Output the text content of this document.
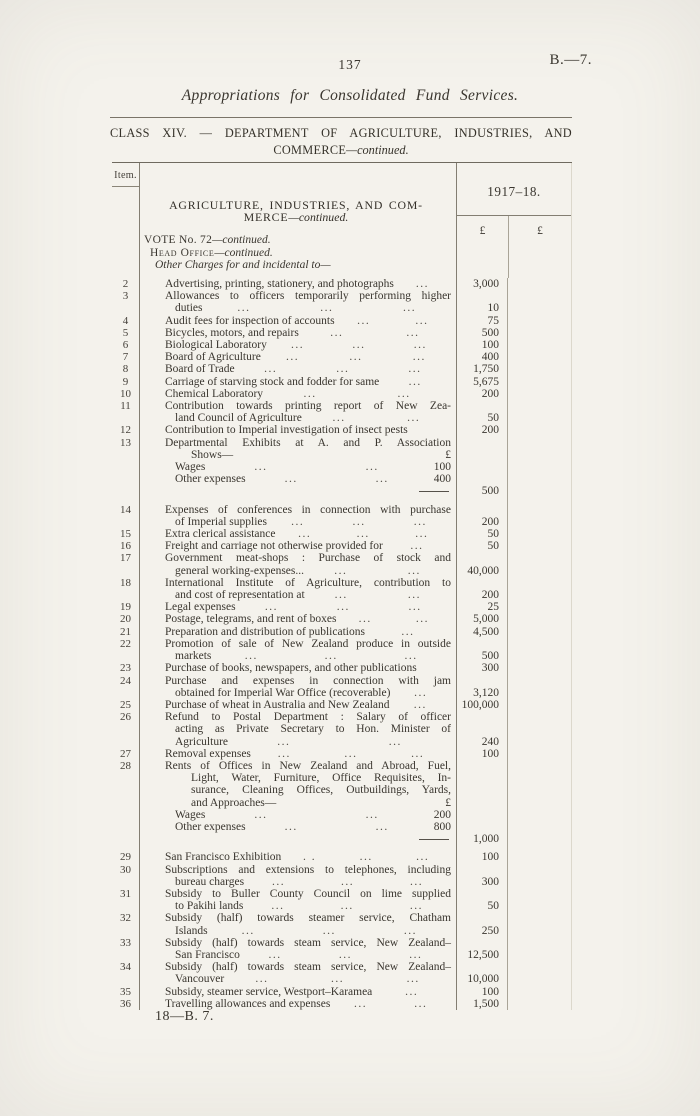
137	B.—7.
Appropriations for Consolidated Fund Services.
CLASS XIV. — DEPARTMENT OF AGRICULTURE, INDUSTRIES, AND
COMMERCE—continued.
Item.
AGRICULTURE, INDUSTRIES, AND COM-
MERCE—continued.
VOTE No. 72—continued.
Head Office—continued.
Other Charges for and incidental to—
1917–18.
£	£
2	Advertising, printing, stationery, and photographs	...	3,000
3	Allowances to officers temporarily performing higher
duties	...	...	...	10
4	Audit fees for inspection of accounts	...	...	75
5	Bicycles, motors, and repairs	...	...	500
6	Biological Laboratory	...	...	...	100
7	Board of Agriculture	...	...	...	400
8	Board of Trade	...	...	...	1,750
9	Carriage of starving stock and fodder for same	...	5,675
10	Chemical Laboratory	...	...	200
11	Contribution towards printing report of New Zea-
land Council of Agriculture	...	...	50
12	Contribution to Imperial investigation of insect pests	200
13	Departmental Exhibits at A. and P. Association
Shows—	£
Wages	...	...	100
Other expenses	...	...	400
500
14	Expenses of conferences in connection with purchase
of Imperial supplies	...	...	...	200
15	Extra clerical assistance	...	...	...	50
16	Freight and carriage not otherwise provided for	...	50
17	Government meat-shops : Purchase of stock and
general working-expenses...	...	...	40,000
18	International Institute of Agriculture, contribution to
and cost of representation at	...	...	200
19	Legal expenses	...	...	...	25
20	Postage, telegrams, and rent of boxes	...	...	5,000
21	Preparation and distribution of publications	...	4,500
22	Promotion of sale of New Zealand produce in outside
markets	...	...	...	500
23	Purchase of books, newspapers, and other publications	300
24	Purchase and expenses in connection with jam
obtained for Imperial War Office (recoverable)	...	3,120
25	Purchase of wheat in Australia and New Zealand	...	100,000
26	Refund to Postal Department : Salary of officer
acting as Private Secretary to Hon. Minister of
Agriculture	...	...	240
27	Removal expenses	...	...	...	100
28	Rents of Offices in New Zealand and Abroad, Fuel,
Light, Water, Furniture, Office Requisites, In-
surance, Cleaning Offices, Outbuildings, Yards,
and Approaches—	£
Wages	...	...	200
Other expenses	...	...	800
1,000
29	San Francisco Exhibition	. .	...	...	100
30	Subscriptions and extensions to telephones, including
bureau charges	...	...	...	300
31	Subsidy to Buller County Council on lime supplied
to Pakihi lands	...	...	...	50
32	Subsidy (half) towards steamer service, Chatham
Islands	...	...	...	250
33	Subsidy (half) towards steam service, New Zealand–
San Francisco	...	...	...	12,500
34	Subsidy (half) towards steam service, New Zealand–
Vancouver	...	...	...	10,000
35	Subsidy, steamer service, Westport–Karamea	...	100
36	Travelling allowances and expenses	...	...	1,500
18—B. 7.
